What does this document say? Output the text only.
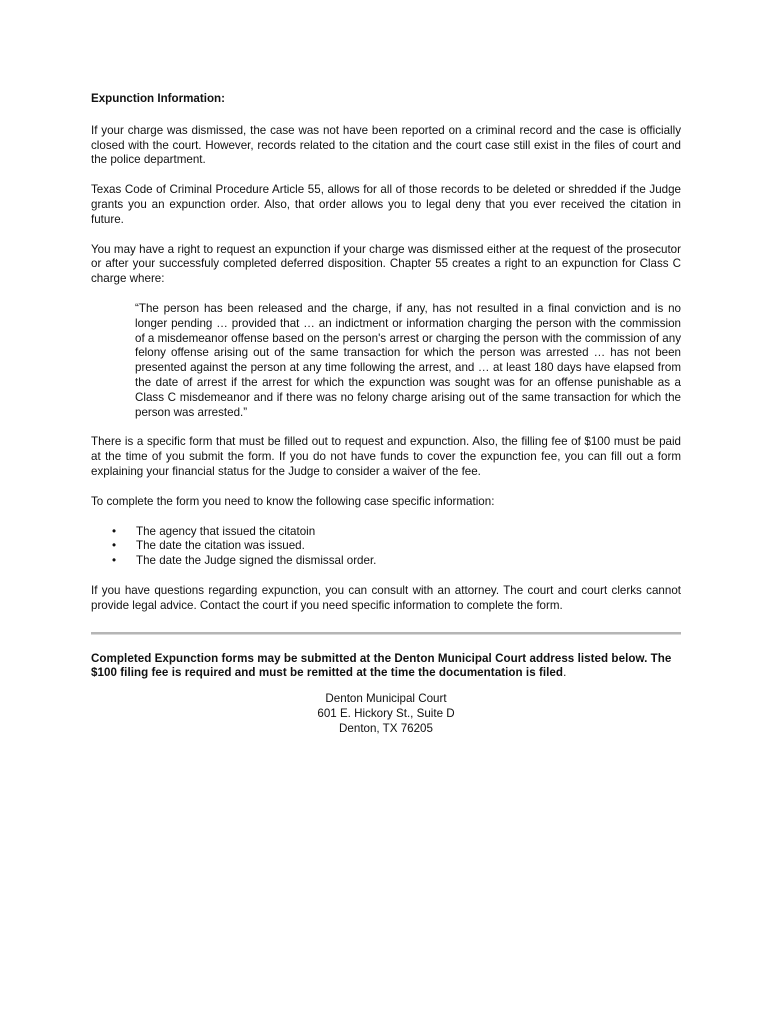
Expunction Information:

If your charge was dismissed, the case was not have been reported on a criminal record and the case is officially closed with the court. However, records related to the citation and the court case still exist in the files of court and the police department.

Texas Code of Criminal Procedure Article 55, allows for all of those records to be deleted or shredded if the Judge grants you an expunction order. Also, that order allows you to legal deny that you ever received the citation in future.

You may have a right to request an expunction if your charge was dismissed either at the request of the prosecutor or after your successfuly completed deferred disposition. Chapter 55 creates a right to an expunction for Class C charge where:

“The person has been released and the charge, if any, has not resulted in a final conviction and is no longer pending … provided that … an indictment or information charging the person with the commission of a misdemeanor offense based on the person's arrest or charging the person with the commission of any felony offense arising out of the same transaction for which the person was arrested … has not been presented against the person at any time following the arrest, and … at least 180 days have elapsed from the date of arrest if the arrest for which the expunction was sought was for an offense punishable as a Class C misdemeanor and if there was no felony charge arising out of the same transaction for which the person was arrested.”

There is a specific form that must be filled out to request and expunction. Also, the filling fee of $100 must be paid at the time of you submit the form. If you do not have funds to cover the expunction fee, you can fill out a form explaining your financial status for the Judge to consider a waiver of the fee.

To complete the form you need to know the following case specific information:

• The agency that issued the citatoin
• The date the citation was issued.
• The date the Judge signed the dismissal order.

If you have questions regarding expunction, you can consult with an attorney. The court and court clerks cannot provide legal advice. Contact the court if you need specific information to complete the form.

Completed Expunction forms may be submitted at the Denton Municipal Court address listed below. The $100 filing fee is required and must be remitted at the time the documentation is filed.
Denton Municipal Court
601 E. Hickory St., Suite D
Denton, TX 76205
